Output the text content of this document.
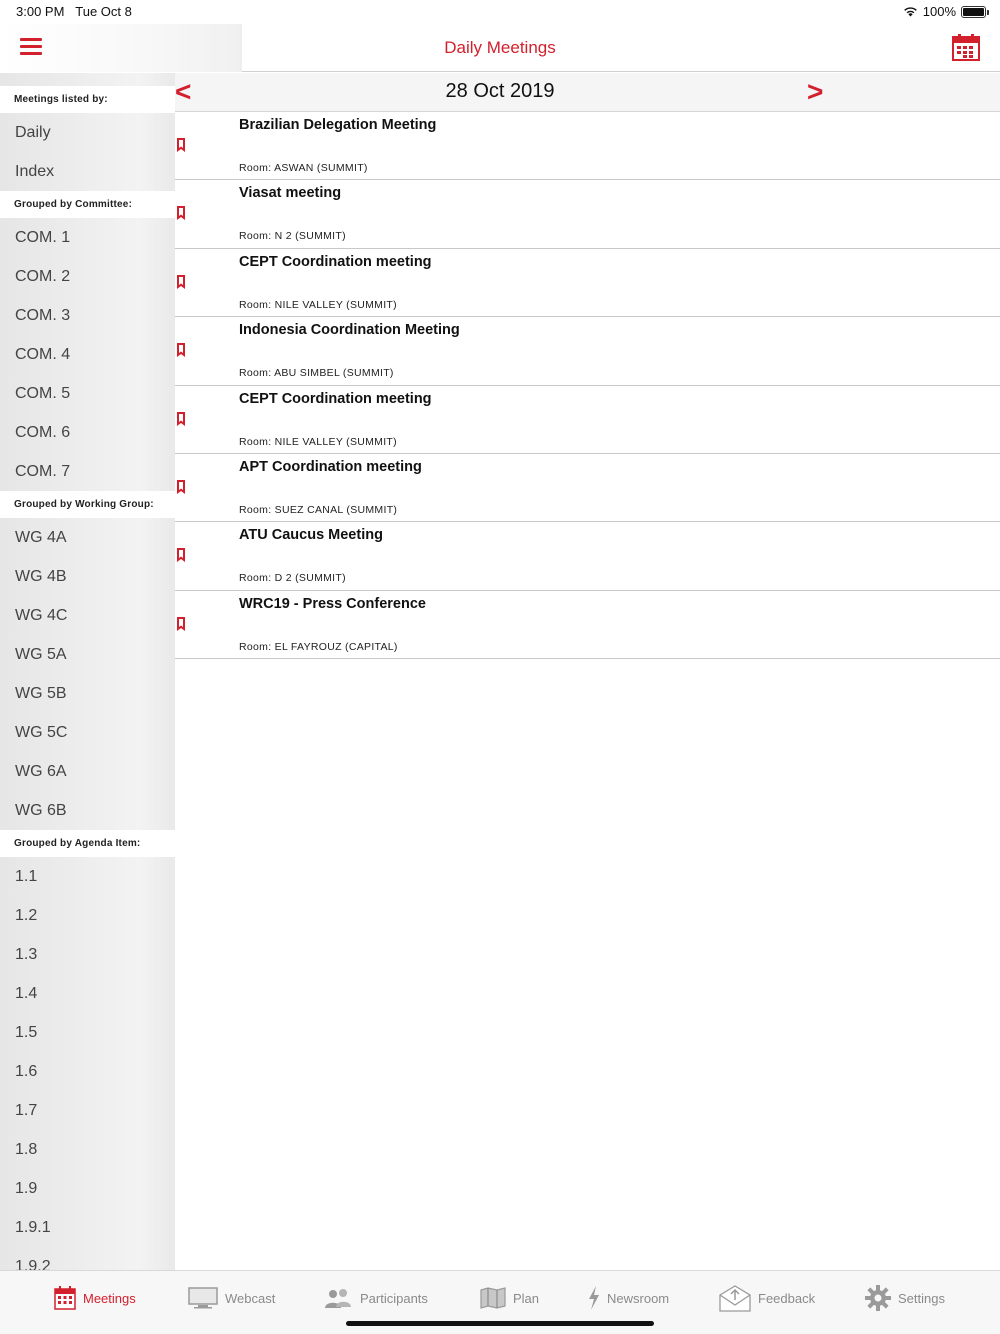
3:00 PM Tue Oct 8	100%
Daily Meetings
Meetings listed by:
Daily
Index
Grouped by Committee:
COM. 1
COM. 2
COM. 3
COM. 4
COM. 5
COM. 6
COM. 7
Grouped by Working Group:
WG 4A
WG 4B
WG 4C
WG 5A
WG 5B
WG 5C
WG 6A
WG 6B
Grouped by Agenda Item:
1.1
1.2
1.3
1.4
1.5
1.6
1.7
1.8
1.9
1.9.1
1.9.2
<	28 Oct 2019	>
Brazilian Delegation Meeting
Room: ASWAN (SUMMIT)
Viasat meeting
Room: N 2 (SUMMIT)
CEPT Coordination meeting
Room: NILE VALLEY (SUMMIT)
Indonesia Coordination Meeting
Room: ABU SIMBEL (SUMMIT)
CEPT Coordination meeting
Room: NILE VALLEY (SUMMIT)
APT Coordination meeting
Room: SUEZ CANAL (SUMMIT)
ATU Caucus Meeting
Room: D 2 (SUMMIT)
WRC19 - Press Conference
Room: EL FAYROUZ (CAPITAL)
Meetings	Webcast	Participants	Plan	Newsroom	Feedback	Settings
